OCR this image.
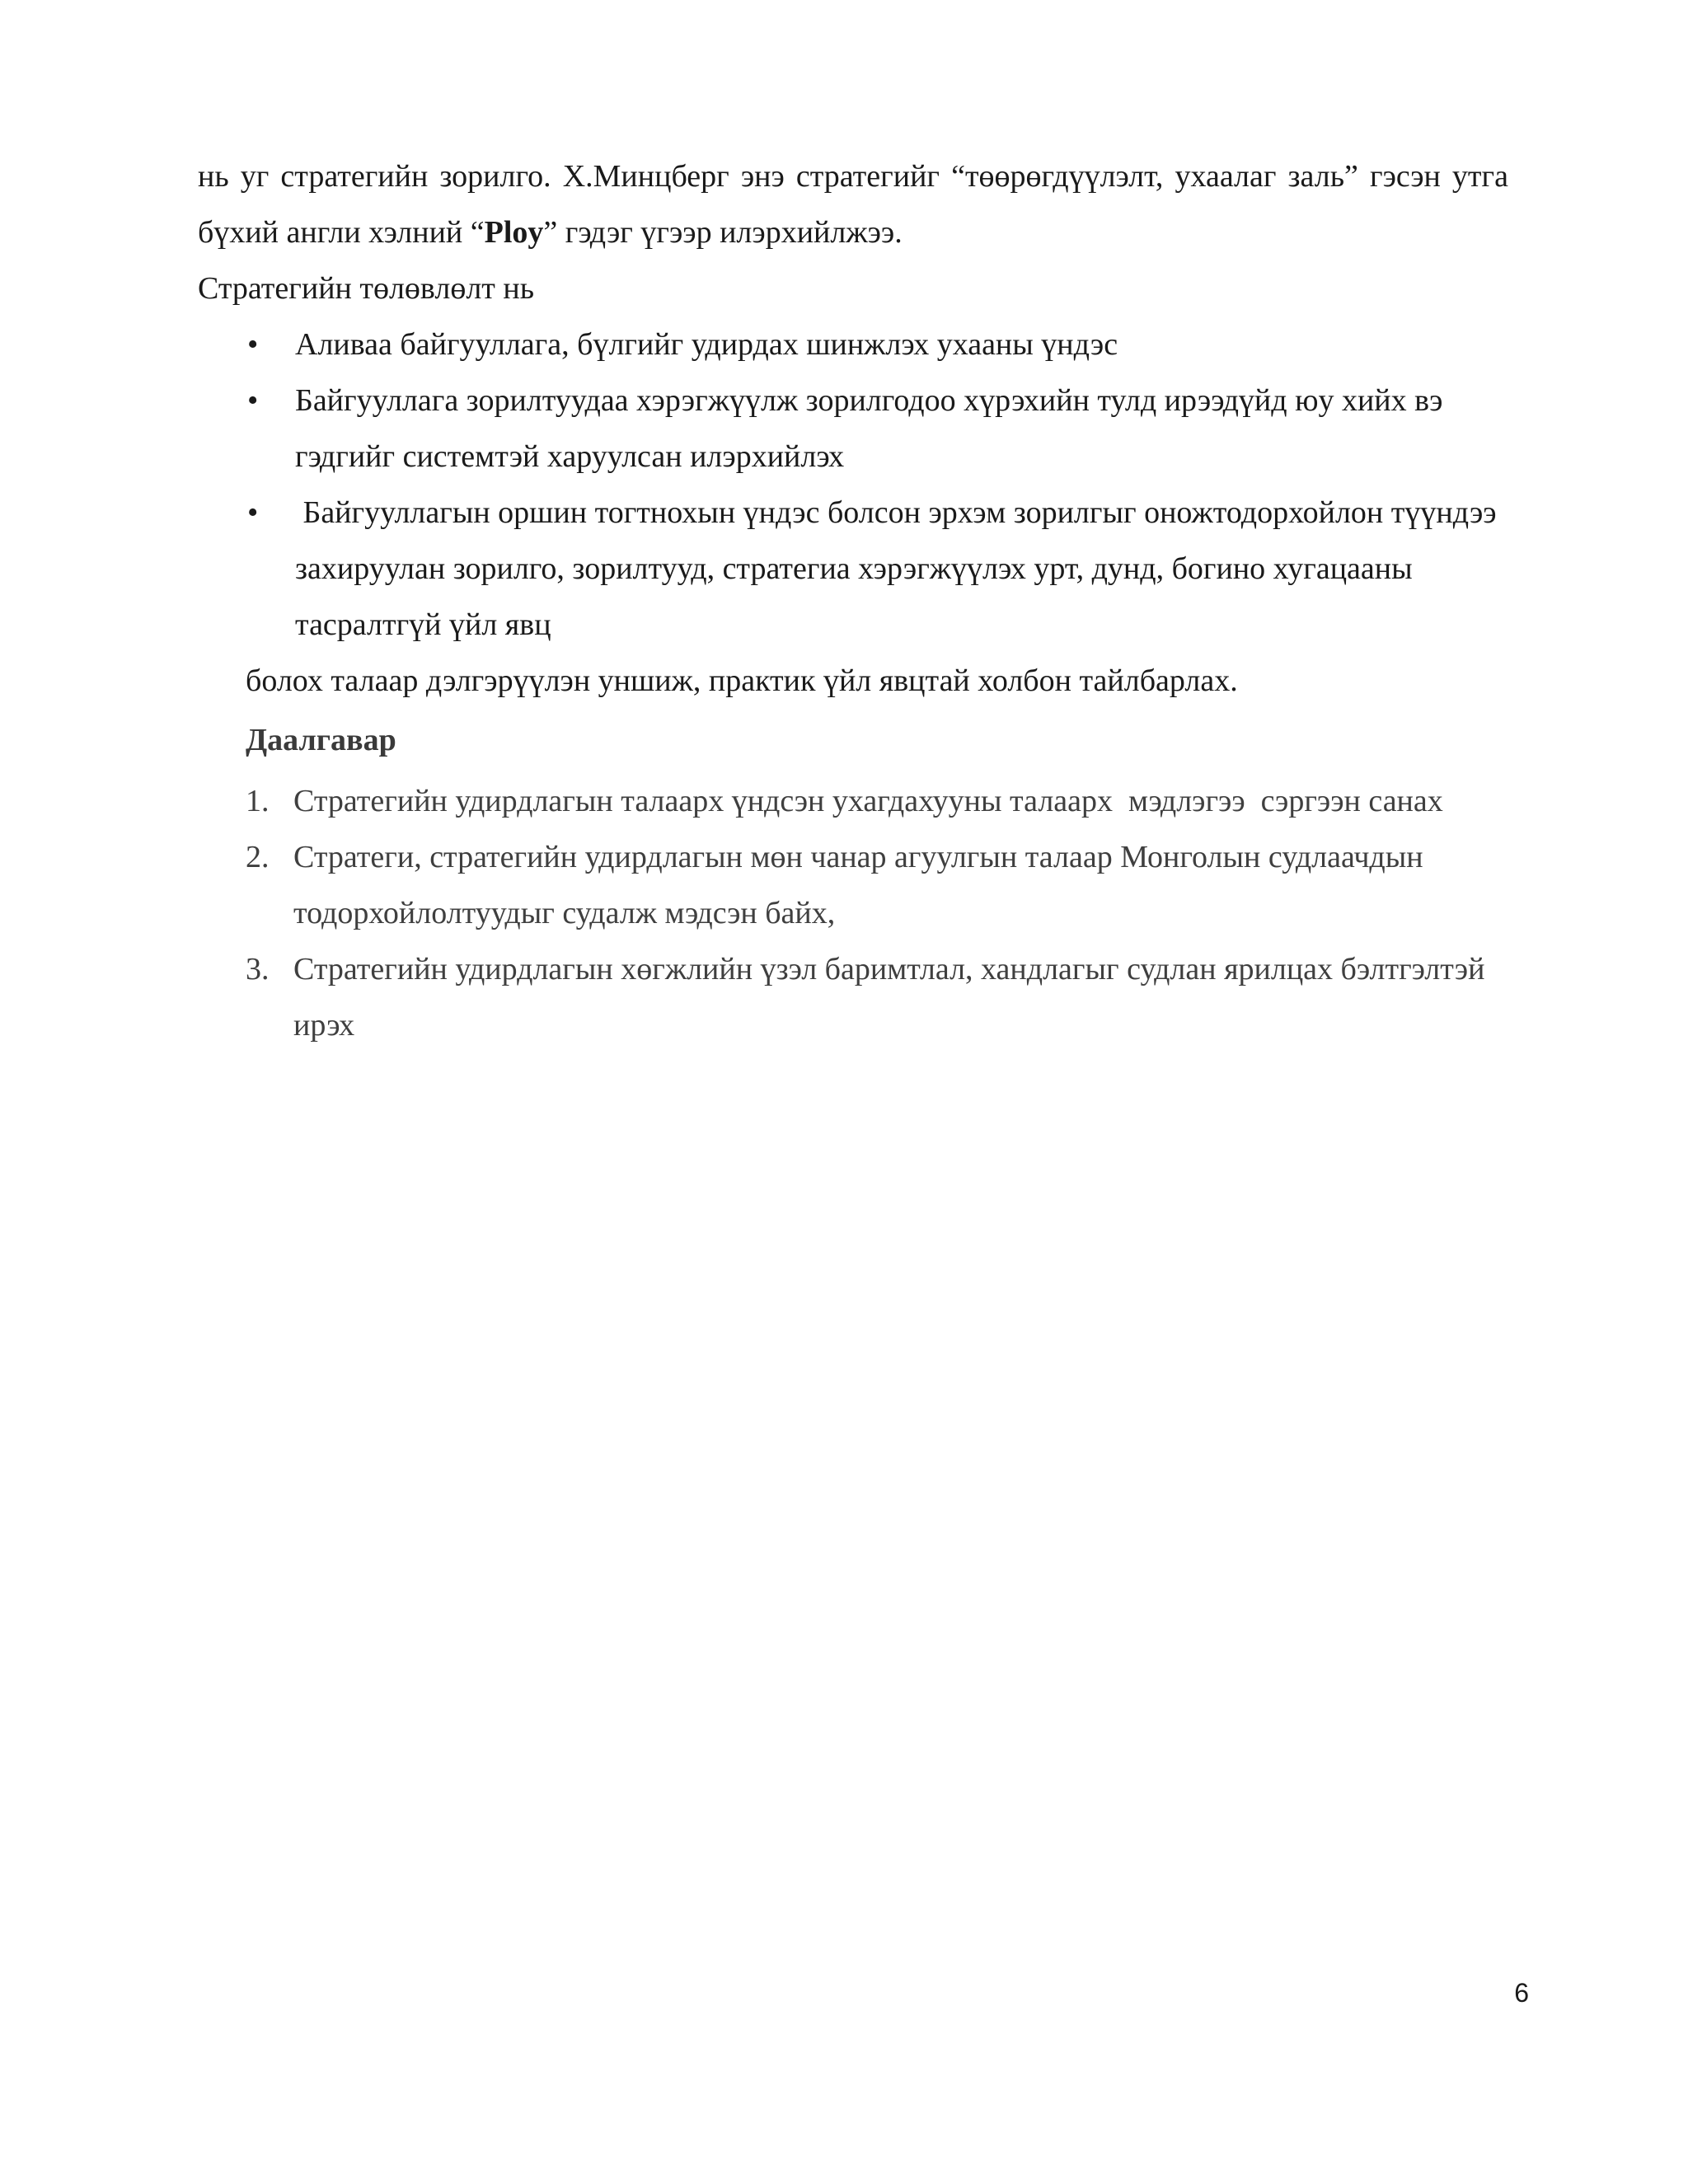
нь уг стратегийн зорилго. Х.Минцберг энэ стратегийг “төөрөгдүүлэлт, ухаалаг заль” гэсэн утга бүхий англи хэлний “Ploy” гэдэг үгээр илэрхийлжээ.
Стратегийн төлөвлөлт нь
•	Аливаа байгууллага, бүлгийг удирдах шинжлэх ухааны үндэс
•	Байгууллага зорилтуудаа хэрэгжүүлж зорилгодоо хүрэхийн тулд ирээдүйд юу хийх вэ гэдгийг системтэй харуулсан илэрхийлэх
•	Байгууллагын оршин тогтнохын үндэс болсон эрхэм зорилгыг оножтодорхойлон түүндээ захируулан зорилго, зорилтууд, стратегиа хэрэгжүүлэх урт, дунд, богино хугацааны тасралтгүй үйл явц
болох талаар дэлгэрүүлэн уншиж, практик үйл явцтай холбон тайлбарлах.
Даалгавар
1. Стратегийн удирдлагын талаарх үндсэн ухагдахууны талаарх  мэдлэгээ  сэргээн санах
2. Стратеги, стратегийн удирдлагын мөн чанар агуулгын талаар Монголын судлаачдын тодорхойлолтуудыг судалж мэдсэн байх,
3. Стратегийн удирдлагын хөгжлийн үзэл баримтлал, хандлагыг судлан ярилцах бэлтгэлтэй ирэх
6
